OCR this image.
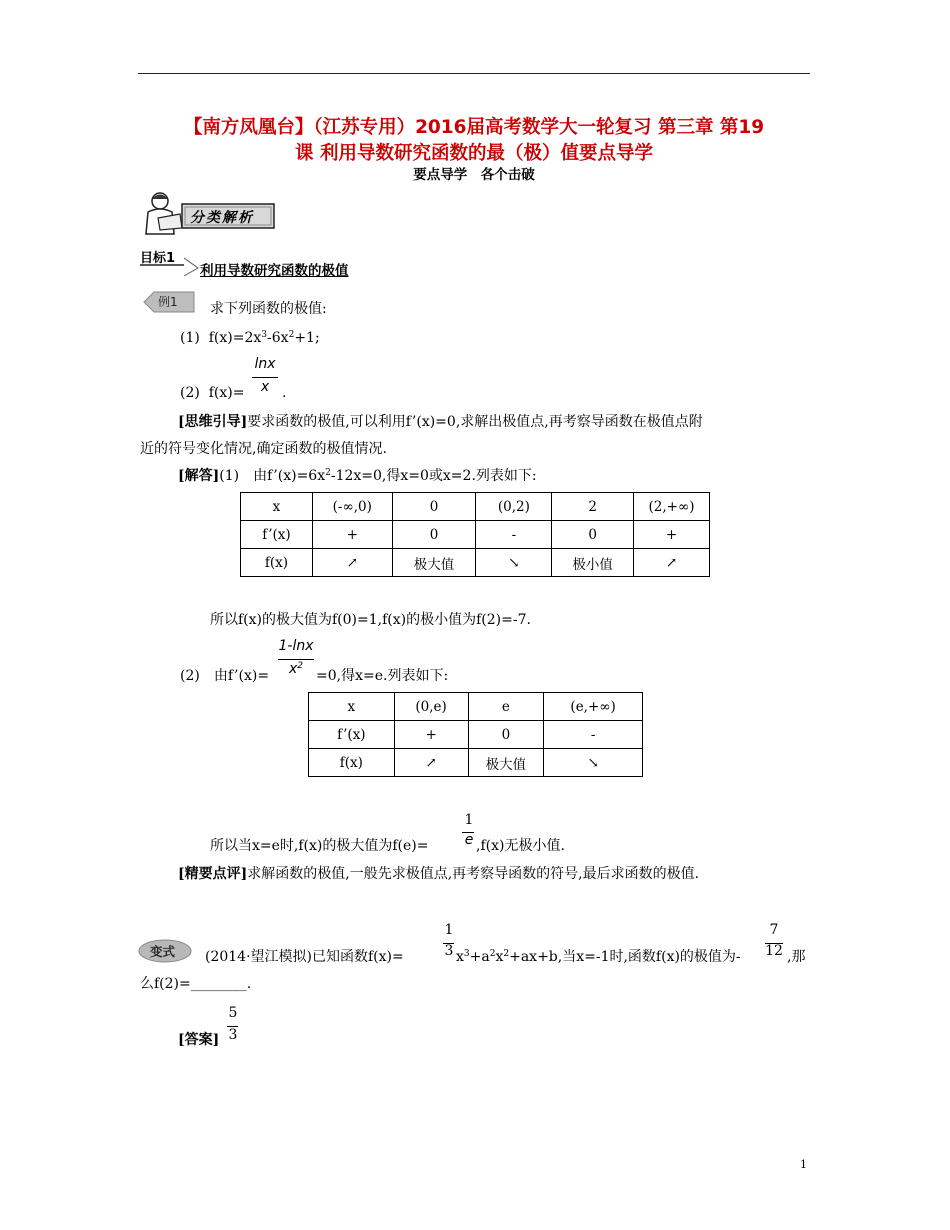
【南方凤凰台】（江苏专用）2016届高考数学大一轮复习 第三章 第19
课 利用导数研究函数的最（极）值要点导学
要点导学　各个击破
分类解析
目标1
利用导数研究函数的极值
例1 求下列函数的极值:
(1) $f(x)=2x^3-6x^2+1$;
(2) f(x)=
lnx
x .
[思维引导]要求函数的极值,可以利用f’(x)=0,求解出极值点,再考察导函数在极值点附
近的符号变化情况,确定函数的极值情况.
[解答](1)　由$f’(x)=6x^2-12x=0$,得x=0或x=2.列表如下:
x	(-∞,0)	0	(0,2)	2	(2,+∞)
f’(x)	+	0	-	0	+
f(x)	↗	极大值	↘	极小值	↗
所以f(x)的极大值为f(0)=1,f(x)的极小值为f(2)=-7.
(2)　由f’(x)=
1-lnx
$x^2$
=0,得x=e.列表如下:
x	(0,e)	e	(e,+∞)
f’(x)	+	0	-
f(x)	↗	极大值	↘
所以当x=e时,f(x)的极大值为f(e)=
1
e ,f(x)无极小值.
[精要点评]求解函数的极值,一般先求极值点,再考察导函数的符号,最后求函数的极值.
变式 (2014·望江模拟)已知函数f(x)=
1
3 $x^3+a^2x^2+ax+b$,当x=-1时,函数f(x)的极值为-
7
12 ,那
么f(2)=________.
[答案]
5
3
1
